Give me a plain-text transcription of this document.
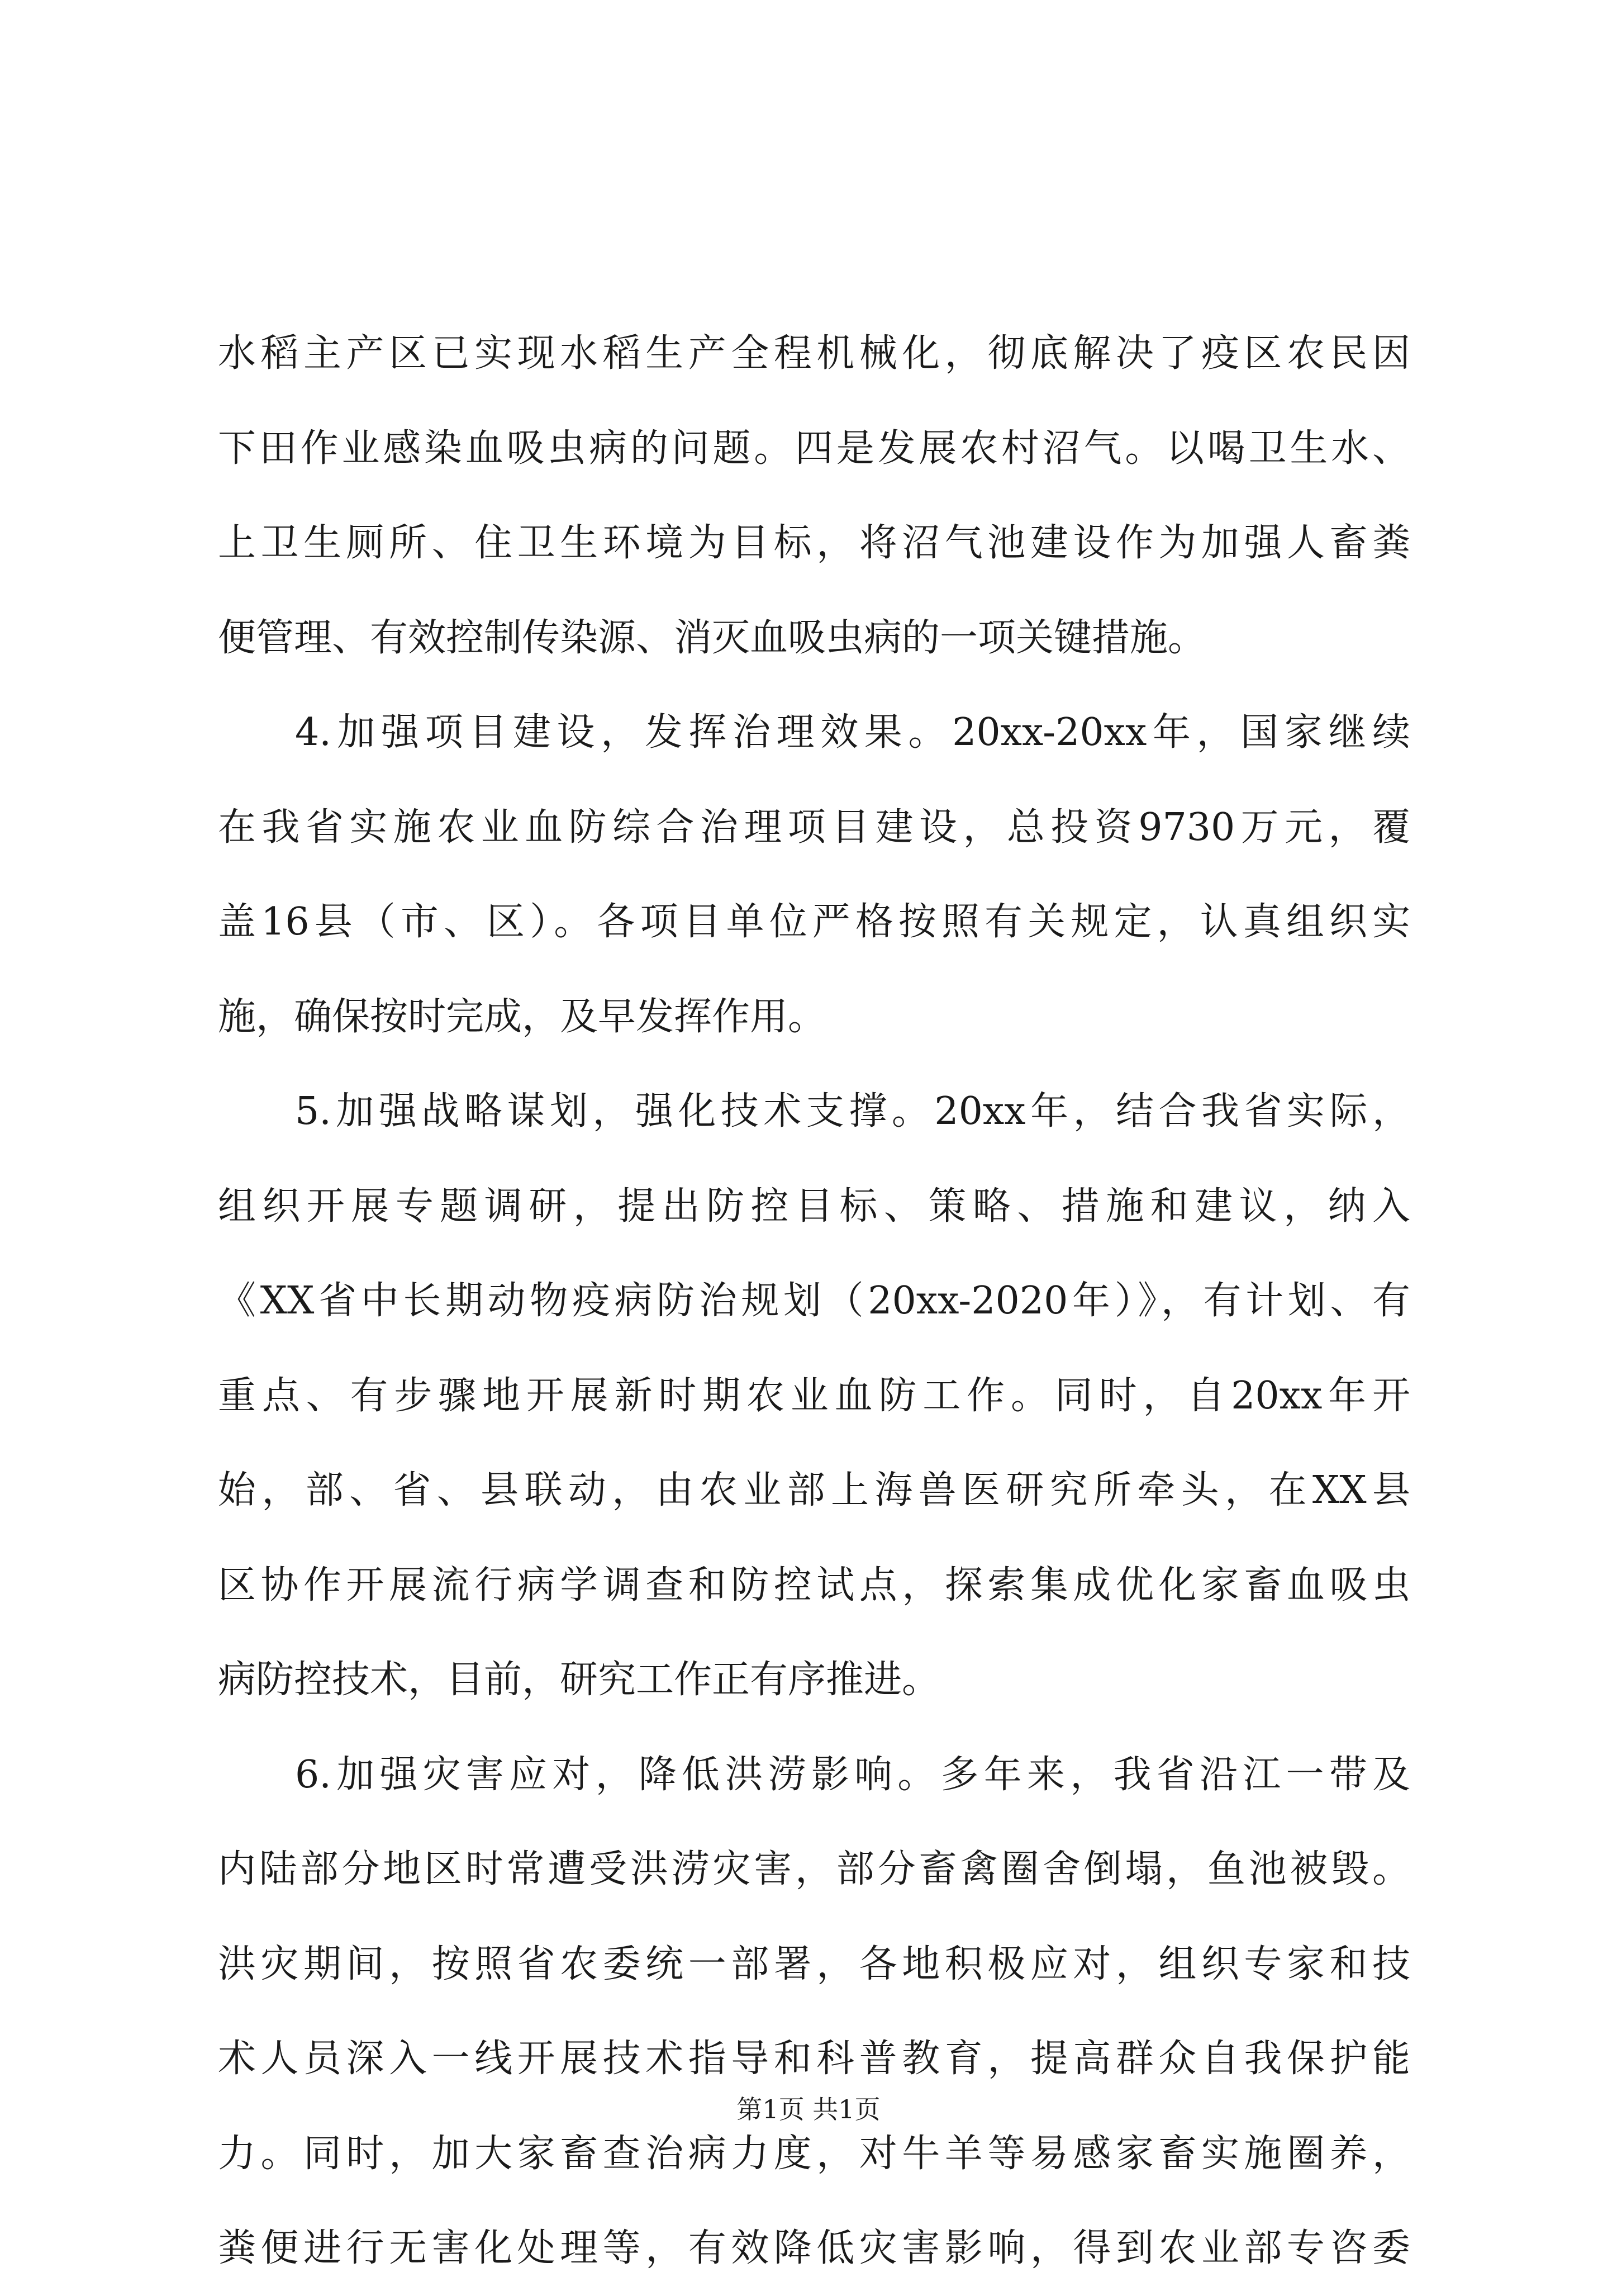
水稻主产区已实现水稻生产全程机械化，彻底解决了疫区农民因
下田作业感染血吸虫病的问题。四是发展农村沼气。以喝卫生水、
上卫生厕所、住卫生环境为目标，将沼气池建设作为加强人畜粪
便管理、有效控制传染源、消灭血吸虫病的一项关键措施。
4.加强项目建设，发挥治理效果。20xx-20xx年，国家继续
在我省实施农业血防综合治理项目建设，总投资9730万元，覆
盖16县（市、区）。各项目单位严格按照有关规定，认真组织实
施，确保按时完成，及早发挥作用。
5.加强战略谋划，强化技术支撑。20xx年，结合我省实际，
组织开展专题调研，提出防控目标、策略、措施和建议，纳入
《XX省中长期动物疫病防治规划（20xx-2020年）》，有计划、有
重点、有步骤地开展新时期农业血防工作。同时，自20xx年开
始，部、省、县联动，由农业部上海兽医研究所牵头，在XX县
区协作开展流行病学调查和防控试点，探索集成优化家畜血吸虫
病防控技术，目前，研究工作正有序推进。
6.加强灾害应对，降低洪涝影响。多年来，我省沿江一带及
内陆部分地区时常遭受洪涝灾害，部分畜禽圈舍倒塌，鱼池被毁。
洪灾期间，按照省农委统一部署，各地积极应对，组织专家和技
术人员深入一线开展技术指导和科普教育，提高群众自我保护能
力。同时，加大家畜查治病力度，对牛羊等易感家畜实施圈养，
粪便进行无害化处理等，有效降低灾害影响，得到农业部专咨委
第1页 共1页
